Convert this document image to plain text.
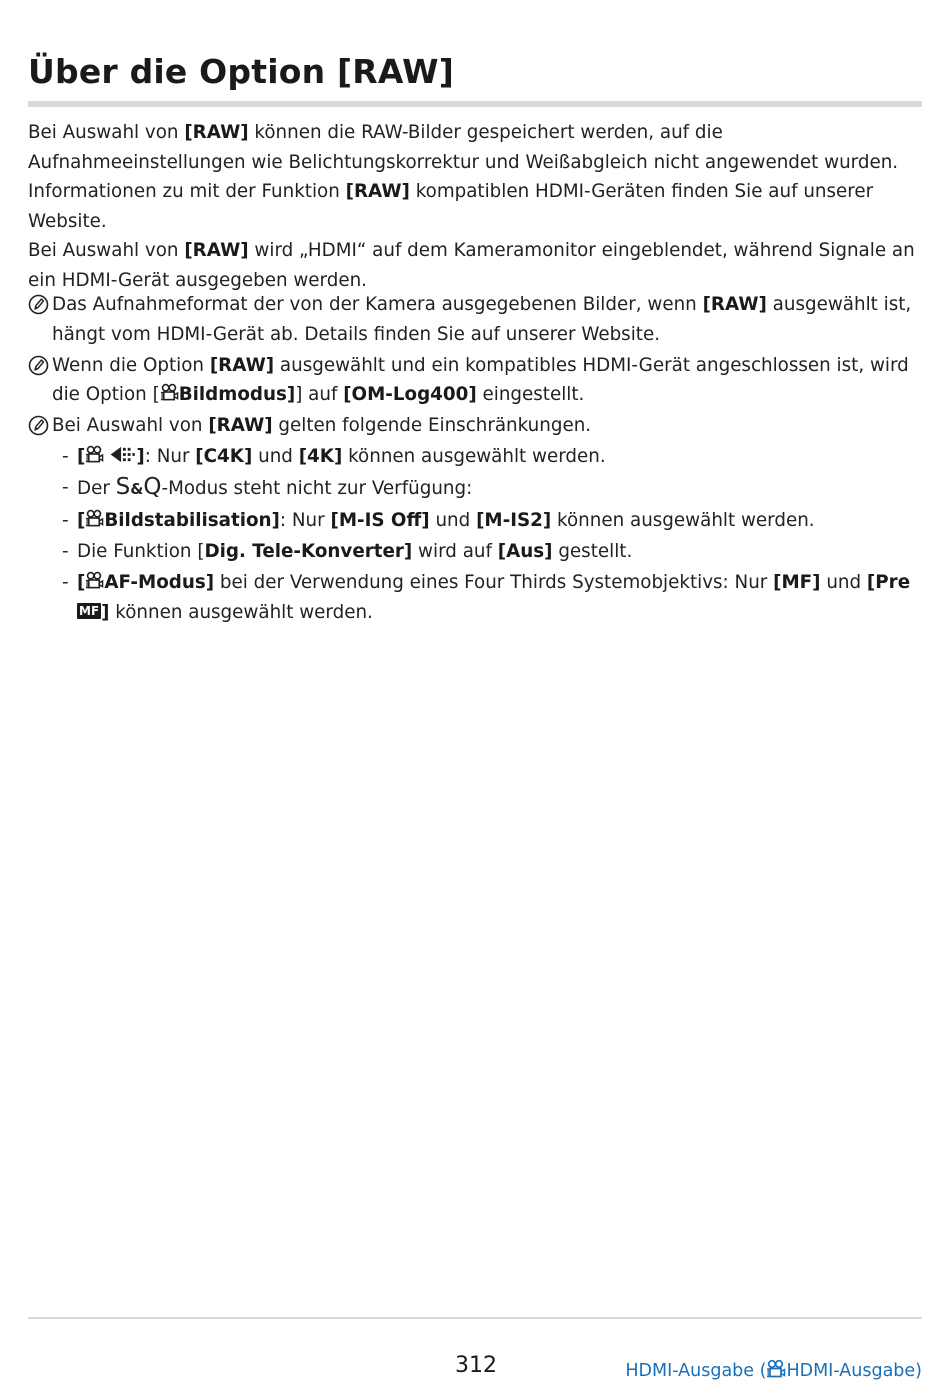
Über die Option [RAW]

Bei Auswahl von [RAW] können die RAW-Bilder gespeichert werden, auf die Aufnahmeeinstellungen wie Belichtungskorrektur und Weißabgleich nicht angewendet wurden.

Informationen zu mit der Funktion [RAW] kompatiblen HDMI-Geräten finden Sie auf unserer Website.

Bei Auswahl von [RAW] wird „HDMI“ auf dem Kameramonitor eingeblendet, während Signale an ein HDMI-Gerät ausgegeben werden.

Das Aufnahmeformat der von der Kamera ausgegebenen Bilder, wenn [RAW] ausgewählt ist, hängt vom HDMI-Gerät ab. Details finden Sie auf unserer Website.
Wenn die Option [RAW] ausgewählt und ein kompatibles HDMI-Gerät angeschlossen ist, wird die Option [ Bildmodus]] auf [OM-Log400] eingestellt.
Bei Auswahl von [RAW] gelten folgende Einschränkungen.
- [	]: Nur [C4K] und [4K] können ausgewählt werden.
- Der S&Q-Modus steht nicht zur Verfügung:
- [ Bildstabilisation]: Nur [M-IS Off] und [M-IS2] können ausgewählt werden.
- Die Funktion [Dig. Tele-Konverter] wird auf [Aus] gestellt.
- [ AF-Modus] bei der Verwendung eines Four Thirds Systemobjektivs: Nur [MF] und [PreMF ] können ausgewählt werden.
312	HDMI-Ausgabe ( HDMI-Ausgabe)
